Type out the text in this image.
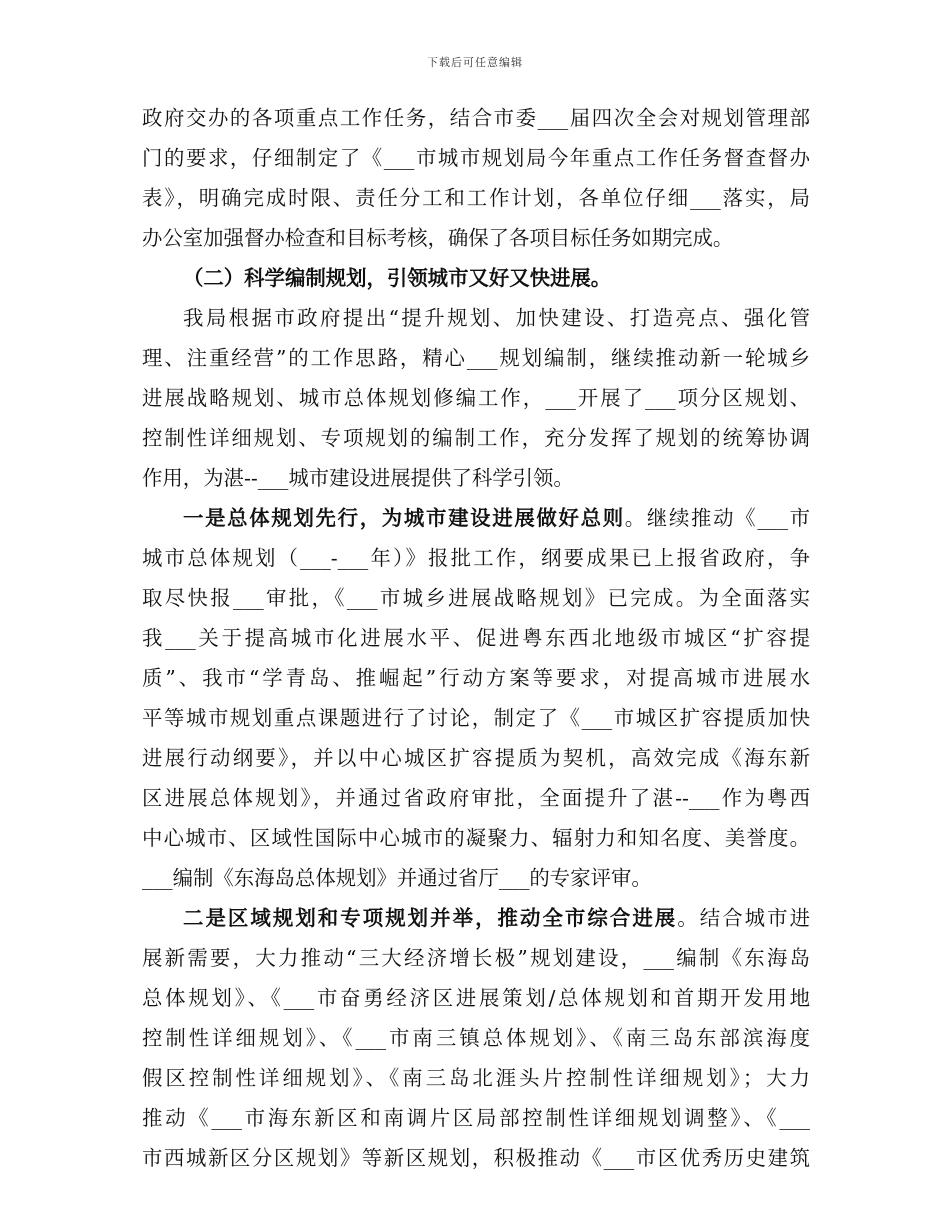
下载后可任意编辑
政府交办的各项重点工作任务，结合市委___届四次全会对规划管理部
门的要求，仔细制定了《___市城市规划局今年重点工作任务督查督办
表》，明确完成时限、责任分工和工作计划，各单位仔细___落实，局
办公室加强督办检查和目标考核，确保了各项目标任务如期完成。
（二）科学编制规划，引领城市又好又快进展。
我局根据市政府提出“提升规划、加快建设、打造亮点、强化管
理、注重经营”的工作思路，精心___规划编制，继续推动新一轮城乡
进展战略规划、城市总体规划修编工作，___开展了___项分区规划、
控制性详细规划、专项规划的编制工作，充分发挥了规划的统筹协调
作用，为湛--___城市建设进展提供了科学引领。
一是总体规划先行，为城市建设进展做好总则。继续推动《___市
城市总体规划（___-___年）》报批工作，纲要成果已上报省政府，争
取尽快报___审批，《___市城乡进展战略规划》已完成。为全面落实
我___关于提高城市化进展水平、促进粤东西北地级市城区“扩容提
质”、我市“学青岛、推崛起”行动方案等要求，对提高城市进展水
平等城市规划重点课题进行了讨论，制定了《___市城区扩容提质加快
进展行动纲要》，并以中心城区扩容提质为契机，高效完成《海东新
区进展总体规划》，并通过省政府审批，全面提升了湛--___作为粤西
中心城市、区域性国际中心城市的凝聚力、辐射力和知名度、美誉度。
___编制《东海岛总体规划》并通过省厅___的专家评审。
二是区域规划和专项规划并举，推动全市综合进展。结合城市进
展新需要，大力推动“三大经济增长极”规划建设，___编制《东海岛
总体规划》、《___市奋勇经济区进展策划/总体规划和首期开发用地
控制性详细规划》、《___市南三镇总体规划》、《南三岛东部滨海度
假区控制性详细规划》、《南三岛北涯头片控制性详细规划》；大力
推动《___市海东新区和南调片区局部控制性详细规划调整》、《___
市西城新区分区规划》等新区规划，积极推动《___市区优秀历史建筑
